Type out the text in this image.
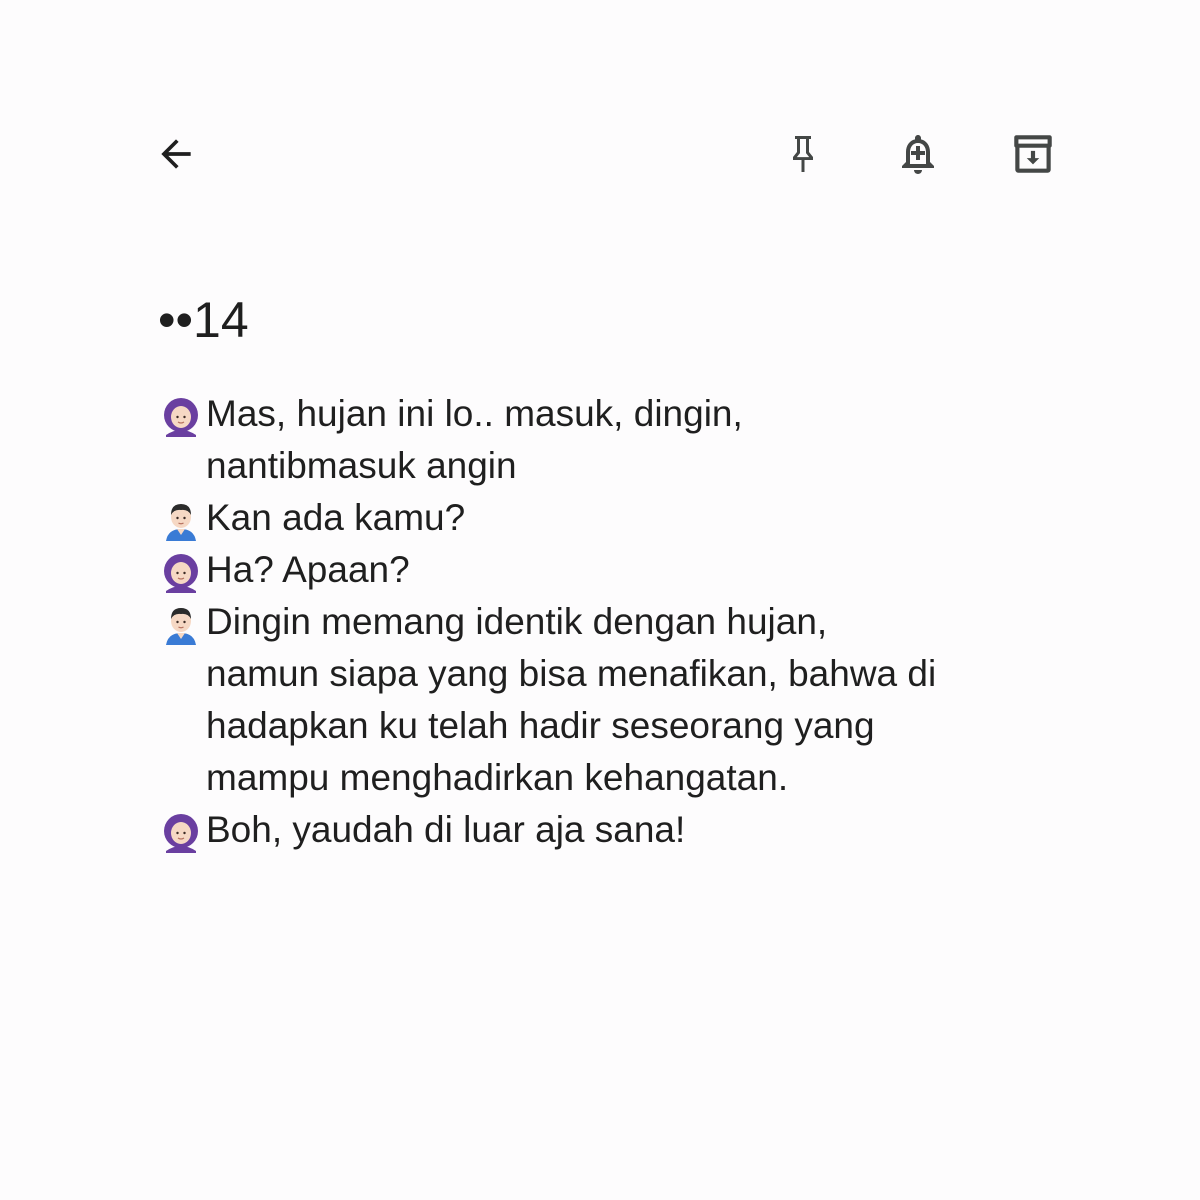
••14
Mas, hujan ini lo.. masuk, dingin,
nantibmasuk angin
Kan ada kamu?
Ha? Apaan?
Dingin memang identik dengan hujan,
namun siapa yang bisa menafikan, bahwa di
hadapkan ku telah hadir seseorang yang
mampu menghadirkan kehangatan.
Boh, yaudah di luar aja sana!
